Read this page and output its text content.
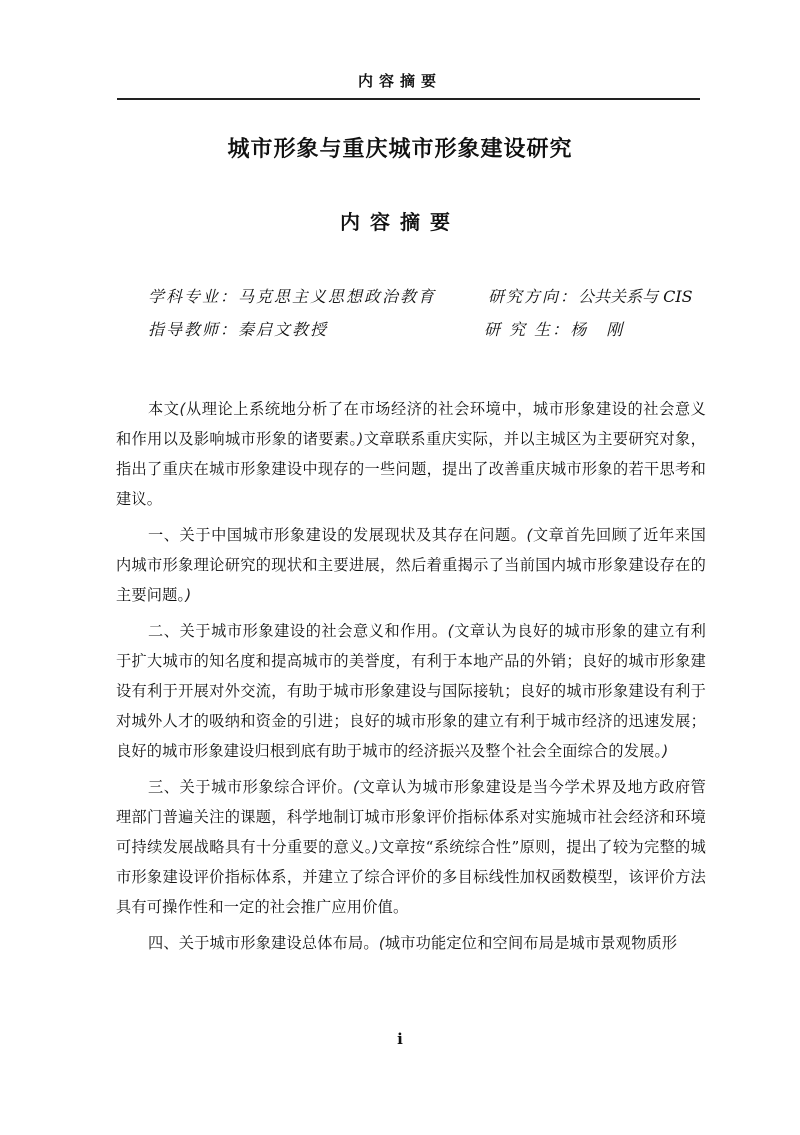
内容摘要
城市形象与重庆城市形象建设研究
内容摘要
学科专业：马克思主义思想政治教育	研究方向：公共关系与 CIS
指导教师：秦启文教授	研 究 生：杨　刚

本文(从理论上系统地分析了在市场经济的社会环境中，城市形象建设的社会意义和作用以及影响城市形象的诸要素。)文章联系重庆实际，并以主城区为主要研究对象，指出了重庆在城市形象建设中现存的一些问题，提出了改善重庆城市形象的若干思考和建议。

一、关于中国城市形象建设的发展现状及其存在问题。(文章首先回顾了近年来国内城市形象理论研究的现状和主要进展，然后着重揭示了当前国内城市形象建设存在的主要问题。)

二、关于城市形象建设的社会意义和作用。(文章认为良好的城市形象的建立有利于扩大城市的知名度和提高城市的美誉度，有利于本地产品的外销；良好的城市形象建设有利于开展对外交流，有助于城市形象建设与国际接轨；良好的城市形象建设有利于对城外人才的吸纳和资金的引进；良好的城市形象的建立有利于城市经济的迅速发展；良好的城市形象建设归根到底有助于城市的经济振兴及整个社会全面综合的发展。)

三、关于城市形象综合评价。(文章认为城市形象建设是当今学术界及地方政府管理部门普遍关注的课题，科学地制订城市形象评价指标体系对实施城市社会经济和环境可持续发展战略具有十分重要的意义。)文章按“系统综合性”原则，提出了较为完整的城市形象建设评价指标体系，并建立了综合评价的多目标线性加权函数模型，该评价方法具有可操作性和一定的社会推广应用价值。

四、关于城市形象建设总体布局。(城市功能定位和空间布局是城市景观物质形

i
